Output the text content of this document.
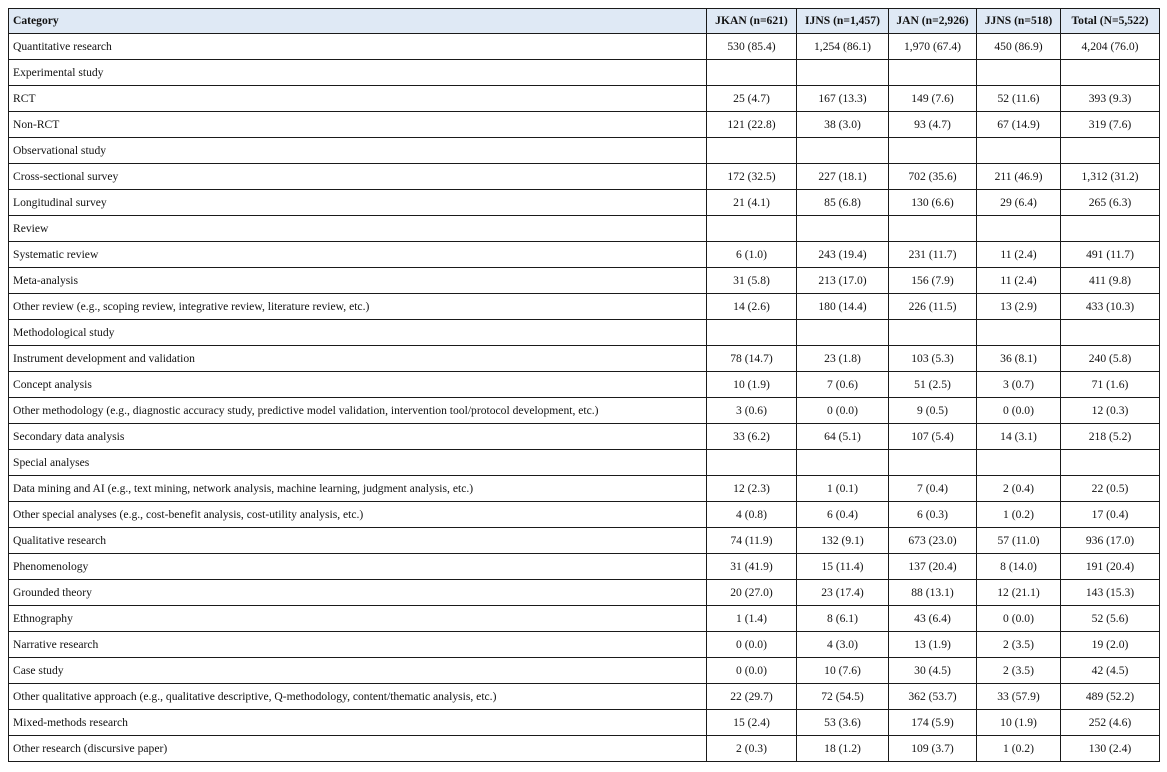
Category	JKAN (n=621)	IJNS (n=1,457)	JAN (n=2,926)	JJNS (n=518)	Total (N=5,522)
Quantitative research	530 (85.4)	1,254 (86.1)	1,970 (67.4)	450 (86.9)	4,204 (76.0)
Experimental study					
RCT	25 (4.7)	167 (13.3)	149 (7.6)	52 (11.6)	393 (9.3)
Non-RCT	121 (22.8)	38 (3.0)	93 (4.7)	67 (14.9)	319 (7.6)
Observational study					
Cross-sectional survey	172 (32.5)	227 (18.1)	702 (35.6)	211 (46.9)	1,312 (31.2)
Longitudinal survey	21 (4.1)	85 (6.8)	130 (6.6)	29 (6.4)	265 (6.3)
Review					
Systematic review	6 (1.0)	243 (19.4)	231 (11.7)	11 (2.4)	491 (11.7)
Meta-analysis	31 (5.8)	213 (17.0)	156 (7.9)	11 (2.4)	411 (9.8)
Other review (e.g., scoping review, integrative review, literature review, etc.)	14 (2.6)	180 (14.4)	226 (11.5)	13 (2.9)	433 (10.3)
Methodological study					
Instrument development and validation	78 (14.7)	23 (1.8)	103 (5.3)	36 (8.1)	240 (5.8)
Concept analysis	10 (1.9)	7 (0.6)	51 (2.5)	3 (0.7)	71 (1.6)
Other methodology (e.g., diagnostic accuracy study, predictive model validation, intervention tool/protocol development, etc.)	3 (0.6)	0 (0.0)	9 (0.5)	0 (0.0)	12 (0.3)
Secondary data analysis	33 (6.2)	64 (5.1)	107 (5.4)	14 (3.1)	218 (5.2)
Special analyses					
Data mining and AI (e.g., text mining, network analysis, machine learning, judgment analysis, etc.)	12 (2.3)	1 (0.1)	7 (0.4)	2 (0.4)	22 (0.5)
Other special analyses (e.g., cost-benefit analysis, cost-utility analysis, etc.)	4 (0.8)	6 (0.4)	6 (0.3)	1 (0.2)	17 (0.4)
Qualitative research	74 (11.9)	132 (9.1)	673 (23.0)	57 (11.0)	936 (17.0)
Phenomenology	31 (41.9)	15 (11.4)	137 (20.4)	8 (14.0)	191 (20.4)
Grounded theory	20 (27.0)	23 (17.4)	88 (13.1)	12 (21.1)	143 (15.3)
Ethnography	1 (1.4)	8 (6.1)	43 (6.4)	0 (0.0)	52 (5.6)
Narrative research	0 (0.0)	4 (3.0)	13 (1.9)	2 (3.5)	19 (2.0)
Case study	0 (0.0)	10 (7.6)	30 (4.5)	2 (3.5)	42 (4.5)
Other qualitative approach (e.g., qualitative descriptive, Q-methodology, content/thematic analysis, etc.)	22 (29.7)	72 (54.5)	362 (53.7)	33 (57.9)	489 (52.2)
Mixed-methods research	15 (2.4)	53 (3.6)	174 (5.9)	10 (1.9)	252 (4.6)
Other research (discursive paper)	2 (0.3)	18 (1.2)	109 (3.7)	1 (0.2)	130 (2.4)
